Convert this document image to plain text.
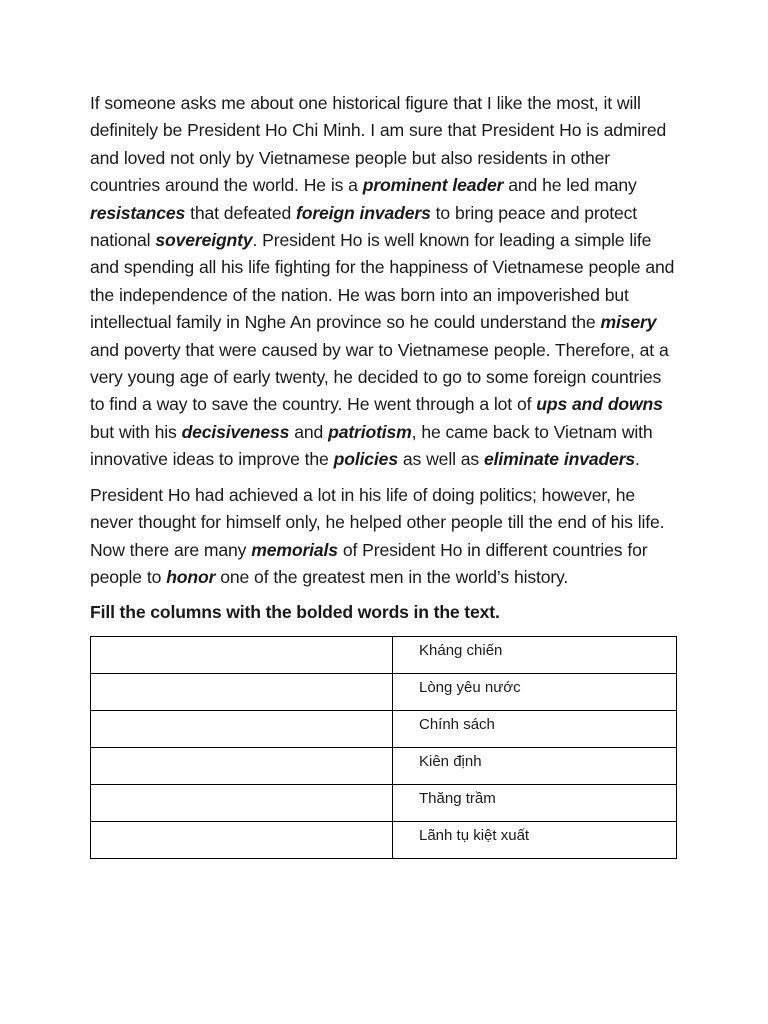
If someone asks me about one historical figure that I like the most, it will definitely be President Ho Chi Minh. I am sure that President Ho is admired and loved not only by Vietnamese people but also residents in other countries around the world. He is a prominent leader and he led many resistances that defeated foreign invaders to bring peace and protect national sovereignty. President Ho is well known for leading a simple life and spending all his life fighting for the happiness of Vietnamese people and the independence of the nation. He was born into an impoverished but intellectual family in Nghe An province so he could understand the misery and poverty that were caused by war to Vietnamese people. Therefore, at a very young age of early twenty, he decided to go to some foreign countries to find a way to save the country. He went through a lot of ups and downs but with his decisiveness and patriotism, he came back to Vietnam with innovative ideas to improve the policies as well as eliminate invaders.

President Ho had achieved a lot in his life of doing politics; however, he never thought for himself only, he helped other people till the end of his life. Now there are many memorials of President Ho in different countries for people to honor one of the greatest men in the world’s history.

Fill the columns with the bolded words in the text.
	Kháng chiến
	Lòng yêu nước
	Chính sách
	Kiên định
	Thăng trầm
	Lãnh tụ kiệt xuất
